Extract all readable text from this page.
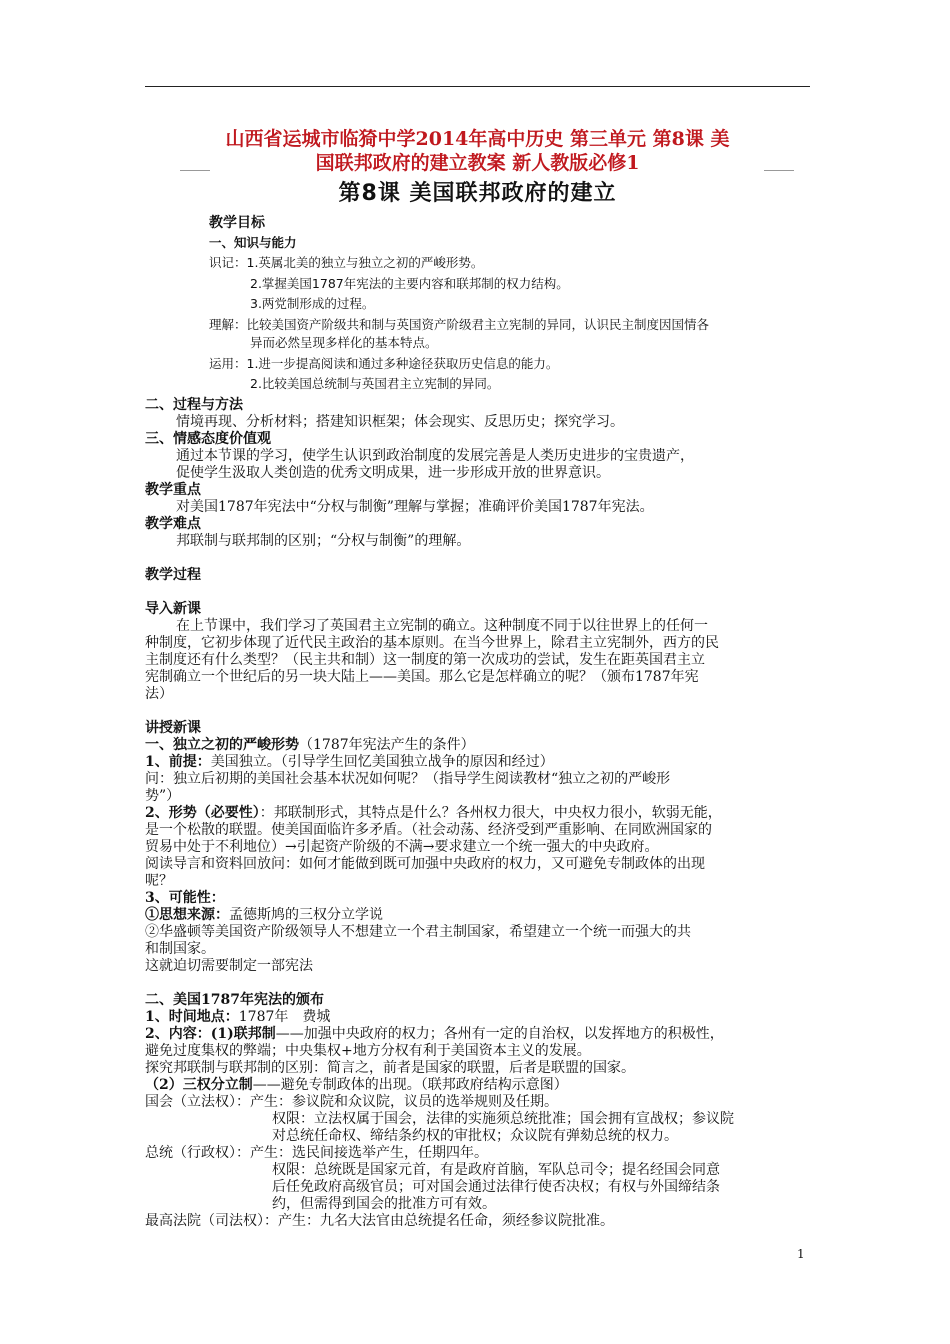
山西省运城市临猗中学2014年高中历史 第三单元 第8课 美
国联邦政府的建立教案 新人教版必修1
第8课 美国联邦政府的建立
教学目标
一、知识与能力
识记：1.英属北美的独立与独立之初的严峻形势。
2.掌握美国1787年宪法的主要内容和联邦制的权力结构。
3.两党制形成的过程。
理解：比较美国资产阶级共和制与英国资产阶级君主立宪制的异同，认识民主制度因国情各
异而必然呈现多样化的基本特点。
运用：1.进一步提高阅读和通过多种途径获取历史信息的能力。
2.比较美国总统制与英国君主立宪制的异同。
二、过程与方法
情境再现、分析材料；搭建知识框架；体会现实、反思历史；探究学习。
三、情感态度价值观
通过本节课的学习，使学生认识到政治制度的发展完善是人类历史进步的宝贵遗产，
促使学生汲取人类创造的优秀文明成果，进一步形成开放的世界意识。
教学重点
对美国1787年宪法中“分权与制衡”理解与掌握；准确评价美国1787年宪法。
教学难点
邦联制与联邦制的区别；“分权与制衡”的理解。
教学过程
导入新课
在上节课中，我们学习了英国君主立宪制的确立。这种制度不同于以往世界上的任何一
种制度，它初步体现了近代民主政治的基本原则。在当今世界上，除君主立宪制外，西方的民
主制度还有什么类型？（民主共和制）这一制度的第一次成功的尝试，发生在距英国君主立
宪制确立一个世纪后的另一块大陆上——美国。那么它是怎样确立的呢？（颁布1787年宪
法）
讲授新课
一、独立之初的严峻形势（1787年宪法产生的条件）
1、前提：美国独立。（引导学生回忆美国独立战争的原因和经过）
问：独立后初期的美国社会基本状况如何呢？（指导学生阅读教材“独立之初的严峻形
势”）
2、形势（必要性）：邦联制形式，其特点是什么？各州权力很大，中央权力很小，软弱无能，
是一个松散的联盟。使美国面临许多矛盾。（社会动荡、经济受到严重影响、在同欧洲国家的
贸易中处于不利地位）→引起资产阶级的不满→要求建立一个统一强大的中央政府。
阅读导言和资料回放问：如何才能做到既可加强中央政府的权力，又可避免专制政体的出现
呢？
3、可能性：
①思想来源：孟德斯鸠的三权分立学说
②华盛顿等美国资产阶级领导人不想建立一个君主制国家，希望建立一个统一而强大的共
和制国家。
这就迫切需要制定一部宪法
二、美国1787年宪法的颁布
1、时间地点：1787年　费城
2、内容：(1)联邦制——加强中央政府的权力；各州有一定的自治权，以发挥地方的积极性，
避免过度集权的弊端；中央集权+地方分权有利于美国资本主义的发展。
探究邦联制与联邦制的区别：简言之，前者是国家的联盟，后者是联盟的国家。
（2）三权分立制——避免专制政体的出现。（联邦政府结构示意图）
国会（立法权）：产生：参议院和众议院，议员的选举规则及任期。
权限：立法权属于国会，法律的实施须总统批准；国会拥有宣战权；参议院
对总统任命权、缔结条约权的审批权；众议院有弹劾总统的权力。
总统（行政权）：产生：选民间接选举产生，任期四年。
权限：总统既是国家元首，有是政府首脑，军队总司令；提名经国会同意
后任免政府高级官员；可对国会通过法律行使否决权；有权与外国缔结条
约，但需得到国会的批准方可有效。
最高法院（司法权）：产生：九名大法官由总统提名任命，须经参议院批准。
1
